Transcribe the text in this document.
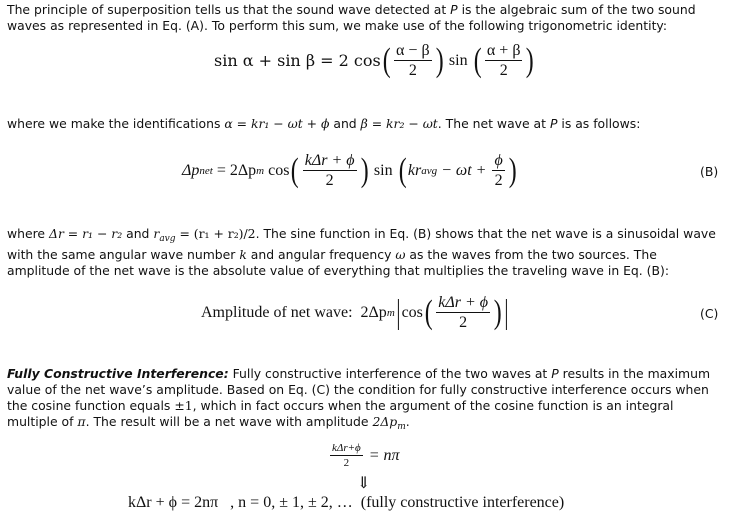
The principle of superposition tells us that the sound wave detected at P is the algebraic sum of the two sound waves as represented in Eq. (A). To perform this sum, we make use of the following trigonometric identity:

sin α + sin β = 2 cos ( $\frac{\alpha - \beta}{2}$ ) sin ( $\frac{\alpha + \beta}{2}$ )

where we make the identifications α = kr₁ − ωt + ϕ and β = kr₂ − ωt. The net wave at P is as follows:

Δp net = 2Δp m cos ( $\frac{\text{kΔr + ϕ}}{2}$ ) sin ( kr avg − $\omega t + \frac{\phi}{2}$ )	(B)

where Δr = r₁ − r₂ and $r_{avg} = (r_1 + r_2)/2$. The sine function in Eq. (B) shows that the net wave is a sinusoidal wave with the same angular wave number k and angular frequency ω as the waves from the two sources. The amplitude of the net wave is the absolute value of everything that multiplies the traveling wave in Eq. (B):

Amplitude of net wave:  2Δp m | cos ( $\frac{\text{kΔr + ϕ}}{2}$ ) |	(C)

Fully Constructive Interference: Fully constructive interference of the two waves at P results in the maximum value of the net wave’s amplitude. Based on Eq. (C) the condition for fully constructive interference occurs when the cosine function equals ±1, which in fact occurs when the argument of the cosine function is an integral multiple of π. The result will be a net wave with amplitude $2\Delta p_m$.

$\frac{\text{kΔr+ϕ}}{2} = n\pi$
⇓
kΔr + ϕ = 2nπ   , n = 0, ± 1, ± 2, …  (fully constructive interference)
